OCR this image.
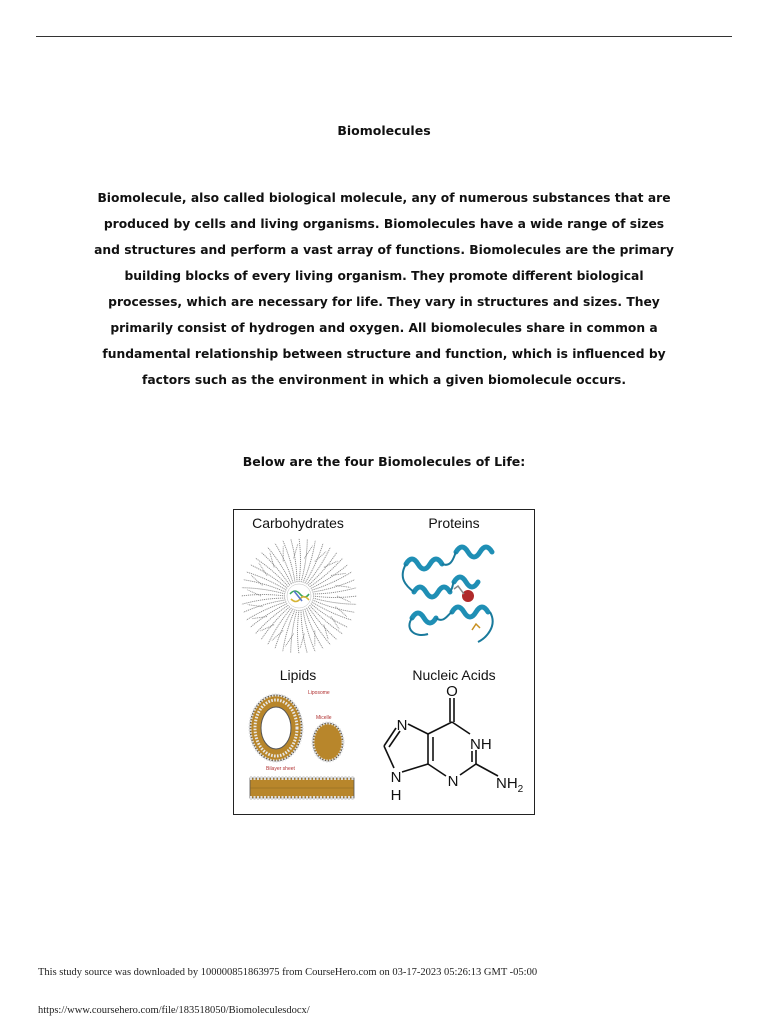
Biomolecules

Biomolecule, also called biological molecule, any of numerous substances that are produced by cells and living organisms. Biomolecules have a wide range of sizes and structures and perform a vast array of functions. Biomolecules are the primary building blocks of every living organism. They promote different biological processes, which are necessary for life. They vary in structures and sizes. They primarily consist of hydrogen and oxygen. All biomolecules share in common a fundamental relationship between structure and function, which is influenced by factors such as the environment in which a given biomolecule occurs.

Below are the four Biomolecules of Life:
Carbohydrates	Proteins
Lipids	Nucleic Acids
Liposome
Micelle
Bilayer sheet
O
N
NH
N
H
N	$NH_2$
This study source was downloaded by 100000851863975 from CourseHero.com on 03-17-2023 05:26:13 GMT -05:00
https://www.coursehero.com/file/183518050/Biomoleculesdocx/
